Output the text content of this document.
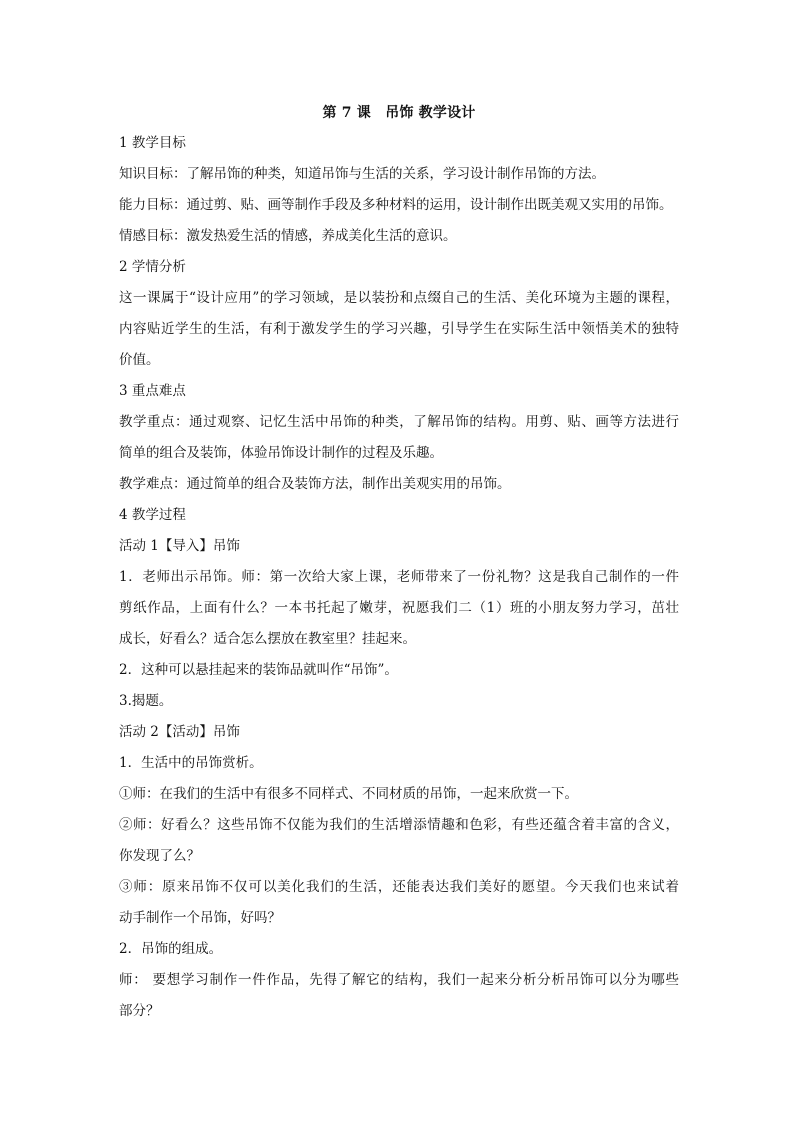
第 7 课　吊饰 教学设计

1 教学目标

知识目标：了解吊饰的种类，知道吊饰与生活的关系，学习设计制作吊饰的方法。

能力目标：通过剪、贴、画等制作手段及多种材料的运用，设计制作出既美观又实用的吊饰。

情感目标：激发热爱生活的情感，养成美化生活的意识。

2 学情分析

这一课属于“设计应用”的学习领域，是以装扮和点缀自己的生活、美化环境为主题的课程，

内容贴近学生的生活，有利于激发学生的学习兴趣，引导学生在实际生活中领悟美术的独特

价值。

3 重点难点

教学重点：通过观察、记忆生活中吊饰的种类，了解吊饰的结构。用剪、贴、画等方法进行

简单的组合及装饰，体验吊饰设计制作的过程及乐趣。

教学难点：通过简单的组合及装饰方法，制作出美观实用的吊饰。

4 教学过程

活动 1【导入】吊饰

1．老师出示吊饰。师：第一次给大家上课，老师带来了一份礼物？这是我自己制作的一件

剪纸作品，上面有什么？一本书托起了嫩芽，祝愿我们二（1）班的小朋友努力学习，茁壮

成长，好看么？适合怎么摆放在教室里？挂起来。

2．这种可以悬挂起来的装饰品就叫作“吊饰”。

3.揭题。

活动 2【活动】吊饰

1．生活中的吊饰赏析。

①师：在我们的生活中有很多不同样式、不同材质的吊饰，一起来欣赏一下。

②师：好看么？这些吊饰不仅能为我们的生活增添情趣和色彩，有些还蕴含着丰富的含义，

你发现了么？

③师：原来吊饰不仅可以美化我们的生活，还能表达我们美好的愿望。今天我们也来试着

动手制作一个吊饰，好吗？

2．吊饰的组成。

师： 要想学习制作一件作品，先得了解它的结构，我们一起来分析分析吊饰可以分为哪些

部分？
